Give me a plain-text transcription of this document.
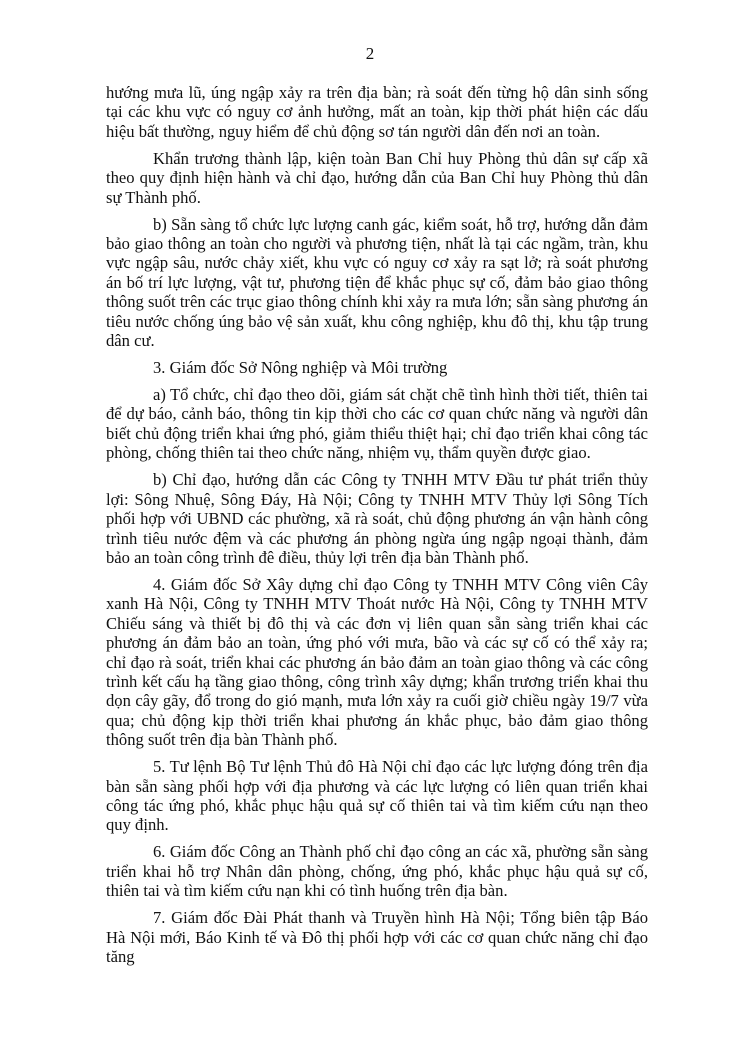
2

hướng mưa lũ, úng ngập xảy ra trên địa bàn; rà soát đến từng hộ dân sinh sống tại các khu vực có nguy cơ ảnh hưởng, mất an toàn, kịp thời phát hiện các dấu hiệu bất thường, nguy hiểm để chủ động sơ tán người dân đến nơi an toàn.

Khẩn trương thành lập, kiện toàn Ban Chỉ huy Phòng thủ dân sự cấp xã theo quy định hiện hành và chỉ đạo, hướng dẫn của Ban Chỉ huy Phòng thủ dân sự Thành phố.

b) Sẵn sàng tổ chức lực lượng canh gác, kiểm soát, hỗ trợ, hướng dẫn đảm bảo giao thông an toàn cho người và phương tiện, nhất là tại các ngầm, tràn, khu vực ngập sâu, nước chảy xiết, khu vực có nguy cơ xảy ra sạt lở; rà soát phương án bố trí lực lượng, vật tư, phương tiện để khắc phục sự cố, đảm bảo giao thông thông suốt trên các trục giao thông chính khi xảy ra mưa lớn; sẵn sàng phương án tiêu nước chống úng bảo vệ sản xuất, khu công nghiệp, khu đô thị, khu tập trung dân cư.

3. Giám đốc Sở Nông nghiệp và Môi trường

a) Tổ chức, chỉ đạo theo dõi, giám sát chặt chẽ tình hình thời tiết, thiên tai để dự báo, cảnh báo, thông tin kịp thời cho các cơ quan chức năng và người dân biết chủ động triển khai ứng phó, giảm thiểu thiệt hại; chỉ đạo triển khai công tác phòng, chống thiên tai theo chức năng, nhiệm vụ, thẩm quyền được giao.

b) Chỉ đạo, hướng dẫn các Công ty TNHH MTV Đầu tư phát triển thủy lợi: Sông Nhuệ, Sông Đáy, Hà Nội; Công ty TNHH MTV Thủy lợi Sông Tích phối hợp với UBND các phường, xã rà soát, chủ động phương án vận hành công trình tiêu nước đệm và các phương án phòng ngừa úng ngập ngoại thành, đảm bảo an toàn công trình đê điều, thủy lợi trên địa bàn Thành phố.

4. Giám đốc Sở Xây dựng chỉ đạo Công ty TNHH MTV Công viên Cây xanh Hà Nội, Công ty TNHH MTV Thoát nước Hà Nội, Công ty TNHH MTV Chiếu sáng và thiết bị đô thị và các đơn vị liên quan sẵn sàng triển khai các phương án đảm bảo an toàn, ứng phó với mưa, bão và các sự cố có thể xảy ra; chỉ đạo rà soát, triển khai các phương án bảo đảm an toàn giao thông và các công trình kết cấu hạ tầng giao thông, công trình xây dựng; khẩn trương triển khai thu dọn cây gãy, đổ trong do gió mạnh, mưa lớn xảy ra cuối giờ chiều ngày 19/7 vừa qua; chủ động kịp thời triển khai phương án khắc phục, bảo đảm giao thông thông suốt trên địa bàn Thành phố.

5. Tư lệnh Bộ Tư lệnh Thủ đô Hà Nội chỉ đạo các lực lượng đóng trên địa bàn sẵn sàng phối hợp với địa phương và các lực lượng có liên quan triển khai công tác ứng phó, khắc phục hậu quả sự cố thiên tai và tìm kiếm cứu nạn theo quy định.

6. Giám đốc Công an Thành phố chỉ đạo công an các xã, phường sẵn sàng triển khai hỗ trợ Nhân dân phòng, chống, ứng phó, khắc phục hậu quả sự cố, thiên tai và tìm kiếm cứu nạn khi có tình huống trên địa bàn.

7. Giám đốc Đài Phát thanh và Truyền hình Hà Nội; Tổng biên tập Báo Hà Nội mới, Báo Kinh tế và Đô thị phối hợp với các cơ quan chức năng chỉ đạo tăng
